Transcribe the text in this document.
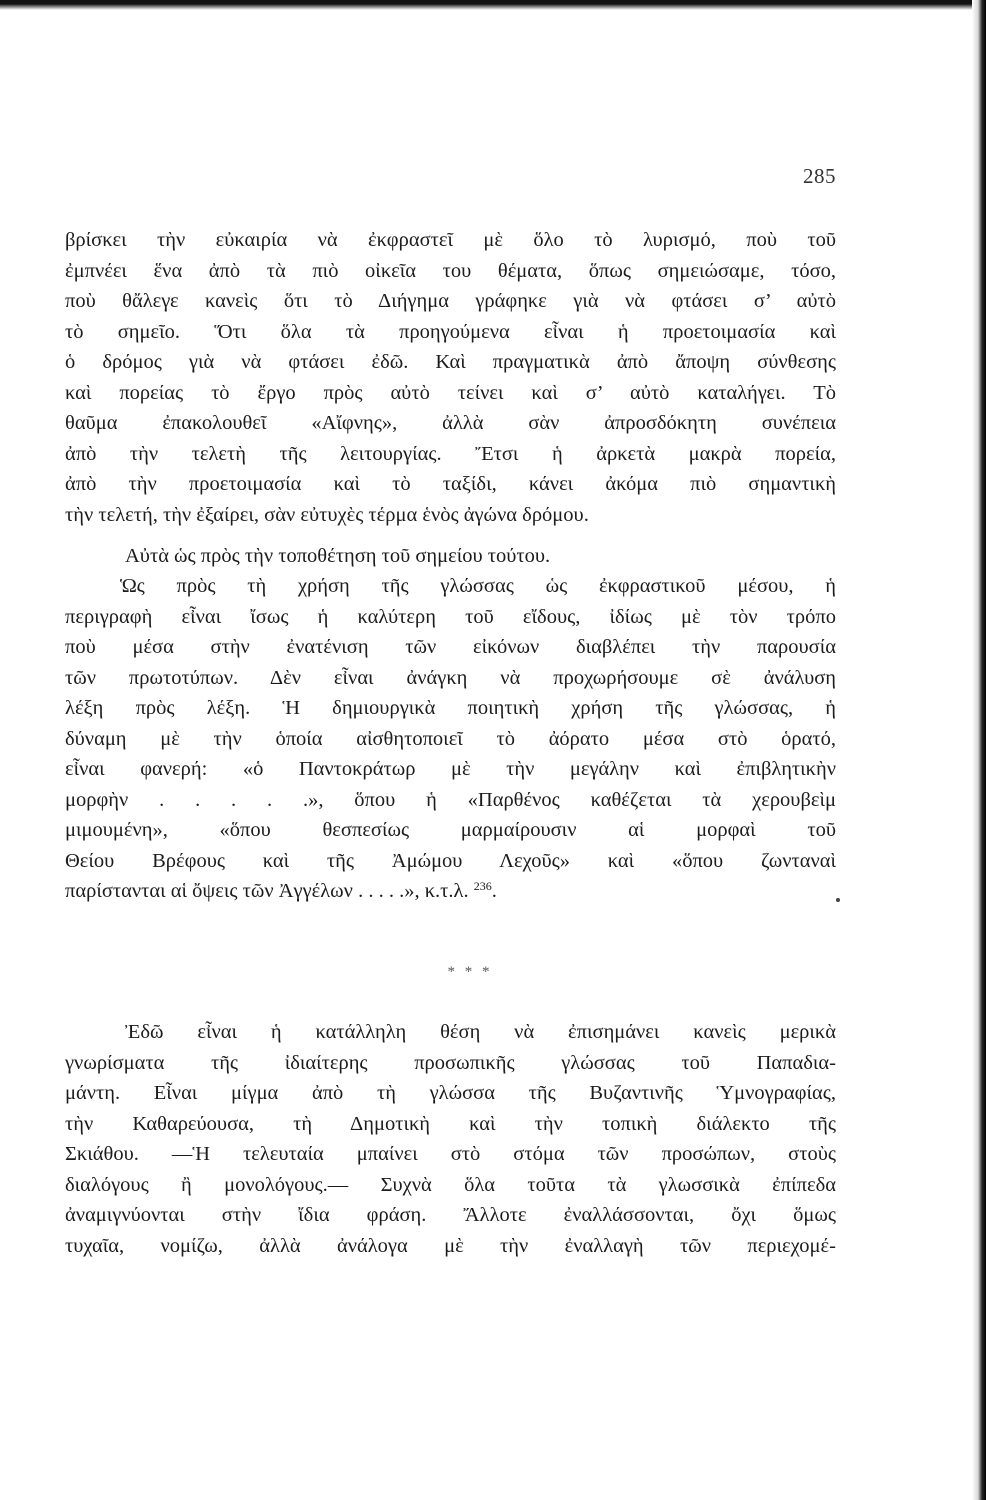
285
βρίσκει τὴν εὐκαιρία νὰ ἐκφραστεῖ μὲ ὅλο τὸ λυρισμό, ποὺ τοῦ
ἐμπνέει ἕνα ἀπὸ τὰ πιὸ οἰκεῖα του θέματα, ὅπως σημειώσαμε, τόσο,
ποὺ θἄλεγε κανεὶς ὅτι τὸ Διήγημα γράφηκε γιὰ νὰ φτάσει σ’ αὐτὸ
τὸ σημεῖο. Ὅτι ὅλα τὰ προηγούμενα εἶναι ἡ προετοιμασία καὶ
ὁ δρόμος γιὰ νὰ φτάσει ἐδῶ. Καὶ πραγματικὰ ἀπὸ ἄποψη σύνθεσης
καὶ πορείας τὸ ἔργο πρὸς αὐτὸ τείνει καὶ σ’ αὐτὸ καταλήγει. Τὸ
θαῦμα ἐπακολουθεῖ «Αἴφνης», ἀλλὰ σὰν ἀπροσδόκητη συνέπεια
ἀπὸ τὴν τελετὴ τῆς λειτουργίας. Ἔτσι ἡ ἀρκετὰ μακρὰ πορεία,
ἀπὸ τὴν προετοιμασία καὶ τὸ ταξίδι, κάνει ἀκόμα πιὸ σημαντικὴ
τὴν τελετή, τὴν ἐξαίρει, σὰν εὐτυχὲς τέρμα ἑνὸς ἀγώνα δρόμου.
Αὐτὰ ὡς πρὸς τὴν τοποθέτηση τοῦ σημείου τούτου.
Ὡς πρὸς τὴ χρήση τῆς γλώσσας ὡς ἐκφραστικοῦ μέσου, ἡ
περιγραφὴ εἶναι ἴσως ἡ καλύτερη τοῦ εἴδους, ἰδίως μὲ τὸν τρόπο
ποὺ μέσα στὴν ἐνατένιση τῶν εἰκόνων διαβλέπει τὴν παρουσία
τῶν πρωτοτύπων. Δὲν εἶναι ἀνάγκη νὰ προχωρήσουμε σὲ ἀνάλυση
λέξη πρὸς λέξη. Ἡ δημιουργικὰ ποιητικὴ χρήση τῆς γλώσσας, ἡ
δύναμη μὲ τὴν ὁποία αἰσθητοποιεῖ τὸ ἀόρατο μέσα στὸ ὁρατό,
εἶναι φανερή: «ὁ Παντοκράτωρ μὲ τὴν μεγάλην καὶ ἐπιβλητικὴν
μορφὴν . . . . .», ὅπου ἡ «Παρθένος καθέζεται τὰ χερουβεὶμ
μιμουμένη», «ὅπου θεσπεσίως μαρμαίρουσιν αἱ μορφαὶ τοῦ
Θείου Βρέφους καὶ τῆς Ἀμώμου Λεχοῦς» καὶ «ὅπου ζωνταναὶ
παρίστανται αἱ ὄψεις τῶν Ἀγγέλων . . . . .», κ.τ.λ. $^{236}$.
* * *
Ἐδῶ εἶναι ἡ κατάλληλη θέση νὰ ἐπισημάνει κανεὶς μερικὰ
γνωρίσματα τῆς ἰδιαίτερης προσωπικῆς γλώσσας τοῦ Παπαδια-
μάντη. Εἶναι μίγμα ἀπὸ τὴ γλώσσα τῆς Βυζαντινῆς Ὑμνογραφίας,
τὴν Καθαρεύουσα, τὴ Δημοτικὴ καὶ τὴν τοπικὴ διάλεκτο τῆς
Σκιάθου. —Ἡ τελευταία μπαίνει στὸ στόμα τῶν προσώπων, στοὺς
διαλόγους ἢ μονολόγους.— Συχνὰ ὅλα τοῦτα τὰ γλωσσικὰ ἐπίπεδα
ἀναμιγνύονται στὴν ἴδια φράση. Ἄλλοτε ἐναλλάσσονται, ὄχι ὅμως
τυχαῖα, νομίζω, ἀλλὰ ἀνάλογα μὲ τὴν ἐναλλαγὴ τῶν περιεχομέ-
